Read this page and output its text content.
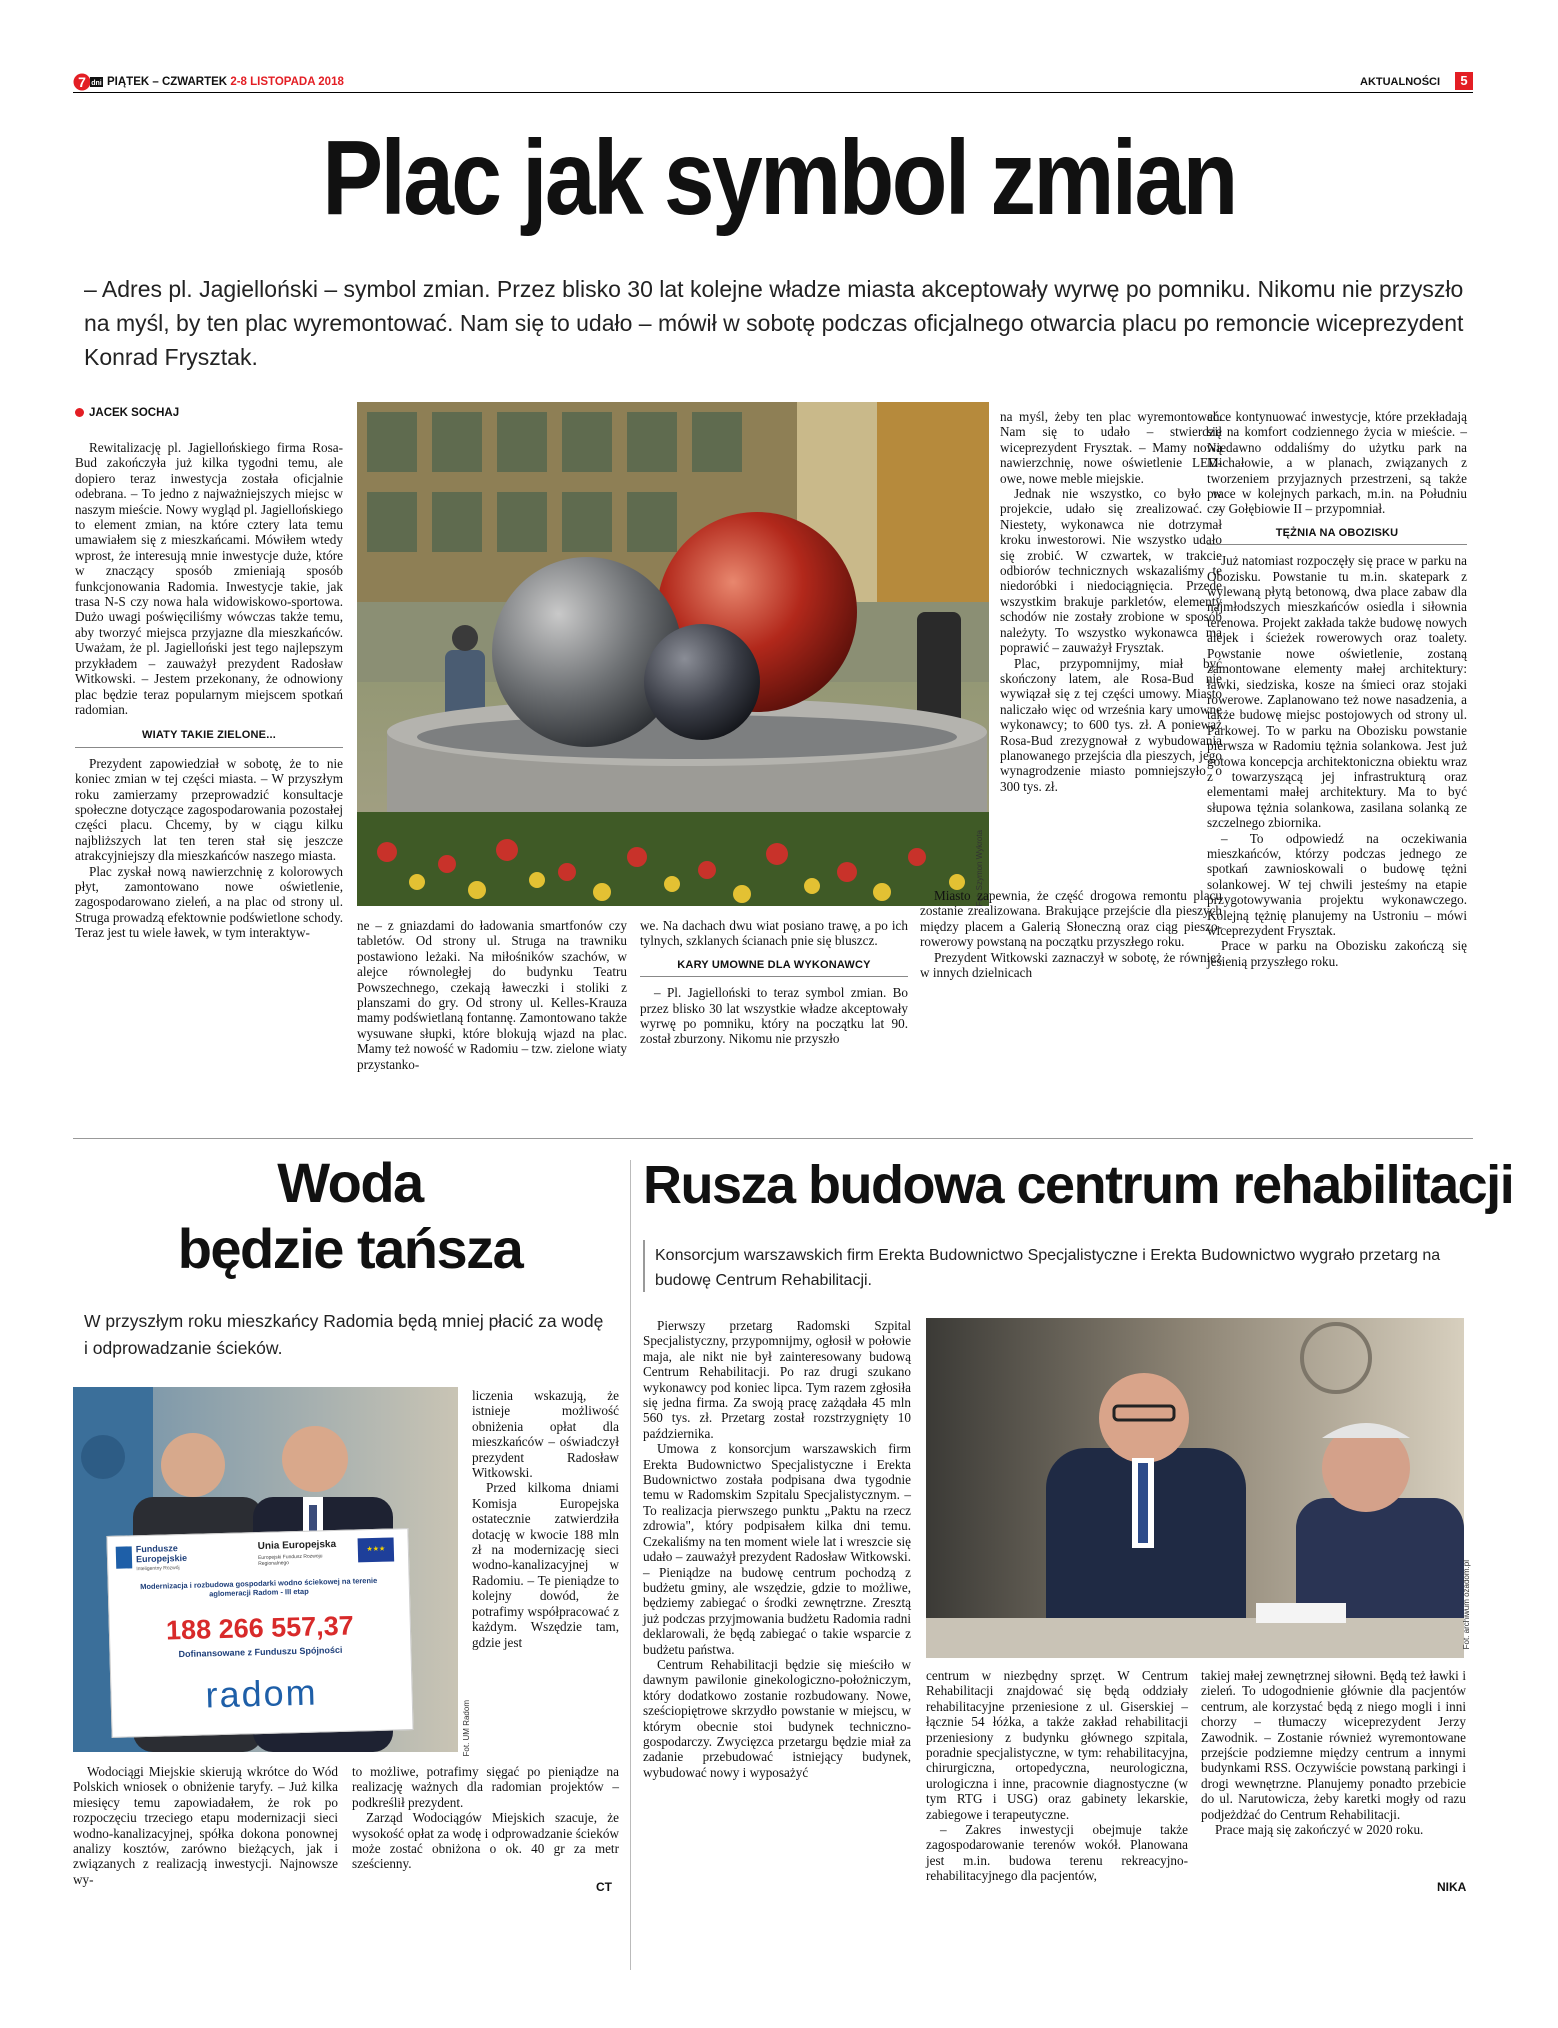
7 dni PIĄTEK – CZWARTEK 2-8 LISTOPADA 2018	AKTUALNOŚCI	5
Plac jak symbol zmian
– Adres pl. Jagielloński – symbol zmian. Przez blisko 30 lat kolejne władze miasta akceptowały wyrwę po pomniku. Nikomu nie przyszło na myśl, by ten plac wyremontować. Nam się to udało – mówił w sobotę podczas oficjalnego otwarcia placu po remoncie wiceprezydent Konrad Frysztak.
JACEK SOCHAJ

Rewitalizację pl. Jagiellońskiego firma Rosa-Bud zakończyła już kilka tygodni temu, ale dopiero teraz inwestycja została oficjalnie odebrana. – To jedno z najważniejszych miejsc w naszym mieście. Nowy wygląd pl. Jagiellońskiego to element zmian, na które cztery lata temu umawiałem się z mieszkańcami. Mówiłem wtedy wprost, że interesują mnie inwestycje duże, które w znaczący sposób zmieniają sposób funkcjonowania Radomia. Inwestycje takie, jak trasa N-S czy nowa hala widowiskowo-sportowa. Dużo uwagi poświęciliśmy wówczas także temu, aby tworzyć miejsca przyjazne dla mieszkańców. Uważam, że pl. Jagielloński jest tego najlepszym przykładem – zauważył prezydent Radosław Witkowski. – Jestem przekonany, że odnowiony plac będzie teraz popularnym miejscem spotkań radomian.

WIATY TAKIE ZIELONE...

Prezydent zapowiedział w sobotę, że to nie koniec zmian w tej części miasta. – W przyszłym roku zamierzamy przeprowadzić konsultacje społeczne dotyczące zagospodarowania pozostałej części placu. Chcemy, by w ciągu kilku najbliższych lat ten teren stał się jeszcze atrakcyjniejszy dla mieszkańców naszego miasta.

Plac zyskał nową nawierzchnię z kolorowych płyt, zamontowano nowe oświetlenie, zagospodarowano zieleń, a na plac od strony ul. Struga prowadzą efektownie podświetlone schody. Teraz jest tu wiele ławek, w tym interaktyw-

Fot. Szymon Wykrota

ne – z gniazdami do ładowania smartfonów czy tabletów. Od strony ul. Struga na trawniku postawiono leżaki. Na miłośników szachów, w alejce równoległej do budynku Teatru Powszechnego, czekają ławeczki i stoliki z planszami do gry. Od strony ul. Kelles-Krauza mamy podświetlaną fontannę. Zamontowano także wysuwane słupki, które blokują wjazd na plac. Mamy też nowość w Radomiu – tzw. zielone wiaty przystanko-

we. Na dachach dwu wiat posiano trawę, a po ich tylnych, szklanych ścianach pnie się bluszcz.

KARY UMOWNE DLA WYKONAWCY

– Pl. Jagielloński to teraz symbol zmian. Bo przez blisko 30 lat wszystkie władze akceptowały wyrwę po pomniku, który na początku lat 90. został zburzony. Nikomu nie przyszło

na myśl, żeby ten plac wyremontować. Nam się to udało – stwierdził wiceprezydent Frysztak. – Mamy nową nawierzchnię, nowe oświetlenie LED-owe, nowe meble miejskie.

Jednak nie wszystko, co było w projekcie, udało się zrealizować. – Niestety, wykonawca nie dotrzymał kroku inwestorowi. Nie wszystko udało się zrobić. W czwartek, w trakcie odbiorów technicznych wskazaliśmy te niedoróbki i niedociągnięcia. Przede wszystkim brakuje parkletów, elementy schodów nie zostały zrobione w sposób należyty. To wszystko wykonawca ma poprawić – zauważył Frysztak.

Plac, przypomnijmy, miał być skończony latem, ale Rosa-Bud nie wywiązał się z tej części umowy. Miasto naliczało więc od września kary umowne wykonawcy; to 600 tys. zł. A ponieważ Rosa-Bud zrezygnował z wybudowania planowanego przejścia dla pieszych, jego wynagrodzenie miasto pomniejszyło o 300 tys. zł.

Miasto zapewnia, że część drogowa remontu placu zostanie zrealizowana. Brakujące przejście dla pieszych między placem a Galerią Słoneczną oraz ciąg pieszo-rowerowy powstaną na początku przyszłego roku.

Prezydent Witkowski zaznaczył w sobotę, że również w innych dzielnicach

chce kontynuować inwestycje, które przekładają się na komfort codziennego życia w mieście. – Niedawno oddaliśmy do użytku park na Michałowie, a w planach, związanych z tworzeniem przyjaznych przestrzeni, są także prace w kolejnych parkach, m.in. na Południu czy Gołębiowie II – przypomniał.

TĘŻNIA NA OBOZISKU

Już natomiast rozpoczęły się prace w parku na Obozisku. Powstanie tu m.in. skatepark z wylewaną płytą betonową, dwa place zabaw dla najmłodszych mieszkańców osiedla i siłownia terenowa. Projekt zakłada także budowę nowych alejek i ścieżek rowerowych oraz toalety. Powstanie nowe oświetlenie, zostaną zamontowane elementy małej architektury: ławki, siedziska, kosze na śmieci oraz stojaki rowerowe. Zaplanowano też nowe nasadzenia, a także budowę miejsc postojowych od strony ul. Parkowej. To w parku na Obozisku powstanie pierwsza w Radomiu tężnia solankowa. Jest już gotowa koncepcja architektoniczna obiektu wraz z towarzyszącą jej infrastrukturą oraz elementami małej architektury. Ma to być słupowa tężnia solankowa, zasilana solanką ze szczelnego zbiornika.

– To odpowiedź na oczekiwania mieszkańców, którzy podczas jednego ze spotkań zawnioskowali o budowę tężni solankowej. W tej chwili jesteśmy na etapie przygotowywania projektu wykonawczego. Kolejną tężnię planujemy na Ustroniu – mówi wiceprezydent Frysztak.

Prace w parku na Obozisku zakończą się jesienią przyszłego roku.

Woda
będzie tańsza
W przyszłym roku mieszkańcy Radomia będą mniej płacić za wodę i odprowadzanie ścieków.
Fundusze Europejskie
Inteligentny Rozwój
Unia Europejska
Europejski Fundusz Rozwoju Regionalnego
★★★
Modernizacja i rozbudowa gospodarki wodno ściekowej na terenie aglomeracji Radom - III etap
188 266 557,37
Dofinansowane z Funduszu Spójności
radom
Fot. UM Radom

liczenia wskazują, że istnieje możliwość obniżenia opłat dla mieszkańców – oświadczył prezydent Radosław Witkowski.

Przed kilkoma dniami Komisja Europejska ostatecznie zatwierdziła dotację w kwocie 188 mln zł na modernizację sieci wodno-kanalizacyjnej w Radomiu. – Te pieniądze to kolejny dowód, że potrafimy współpracować z każdym. Wszędzie tam, gdzie jest

Wodociągi Miejskie skierują wkrótce do Wód Polskich wniosek o obniżenie taryfy. – Już kilka miesięcy temu zapowiadałem, że rok po rozpoczęciu trzeciego etapu modernizacji sieci wodno-kanalizacyjnej, spółka dokona ponownej analizy kosztów, zarówno bieżących, jak i związanych z realizacją inwestycji. Najnowsze wy-

to możliwe, potrafimy sięgać po pieniądze na realizację ważnych dla radomian projektów – podkreślił prezydent.

Zarząd Wodociągów Miejskich szacuje, że wysokość opłat za wodę i odprowadzanie ścieków może zostać obniżona o ok. 40 gr za metr sześcienny.

CT
Rusza budowa centrum rehabilitacji
Konsorcjum warszawskich firm Erekta Budownictwo Specjalistyczne i Erekta Budownictwo wygrało przetarg na budowę Centrum Rehabilitacji.

Pierwszy przetarg Radomski Szpital Specjalistyczny, przypomnijmy, ogłosił w połowie maja, ale nikt nie był zainteresowany budową Centrum Rehabilitacji. Po raz drugi szukano wykonawcy pod koniec lipca. Tym razem zgłosiła się jedna firma. Za swoją pracę zażądała 45 mln 560 tys. zł. Przetarg został rozstrzygnięty 10 października.

Umowa z konsorcjum warszawskich firm Erekta Budownictwo Specjalistyczne i Erekta Budownictwo została podpisana dwa tygodnie temu w Radomskim Szpitalu Specjalistycznym. – To realizacja pierwszego punktu „Paktu na rzecz zdrowia", który podpisałem kilka dni temu. Czekaliśmy na ten moment wiele lat i wreszcie się udało – zauważył prezydent Radosław Witkowski. – Pieniądze na budowę centrum pochodzą z budżetu gminy, ale wszędzie, gdzie to możliwe, będziemy zabiegać o środki zewnętrzne. Zresztą już podczas przyjmowania budżetu Radomia radni deklarowali, że będą zabiegać o takie wsparcie z budżetu państwa.

Centrum Rehabilitacji będzie się mieściło w dawnym pawilonie ginekologiczno-położniczym, który dodatkowo zostanie rozbudowany. Nowe, sześciopiętrowe skrzydło powstanie w miejscu, w którym obecnie stoi budynek techniczno-gospodarczy. Zwycięzca przetargu będzie miał za zadanie przebudować istniejący budynek, wybudować nowy i wyposażyć

Fot. archiwum ozadom.pl

centrum w niezbędny sprzęt. W Centrum Rehabilitacji znajdować się będą oddziały rehabilitacyjne przeniesione z ul. Giserskiej – łącznie 54 łóżka, a także zakład rehabilitacji przeniesiony z budynku głównego szpitala, poradnie specjalistyczne, w tym: rehabilitacyjna, chirurgiczna, ortopedyczna, neurologiczna, urologiczna i inne, pracownie diagnostyczne (w tym RTG i USG) oraz gabinety lekarskie, zabiegowe i terapeutyczne.

– Zakres inwestycji obejmuje także zagospodarowanie terenów wokół. Planowana jest m.in. budowa terenu rekreacyjno-rehabilitacyjnego dla pacjentów,

takiej małej zewnętrznej siłowni. Będą też ławki i zieleń. To udogodnienie głównie dla pacjentów centrum, ale korzystać będą z niego mogli i inni chorzy – tłumaczy wiceprezydent Jerzy Zawodnik. – Zostanie również wyremontowane przejście podziemne między centrum a innymi budynkami RSS. Oczywiście powstaną parkingi i drogi wewnętrzne. Planujemy ponadto przebicie do ul. Narutowicza, żeby karetki mogły od razu podjeżdżać do Centrum Rehabilitacji.

Prace mają się zakończyć w 2020 roku.

NIKA
